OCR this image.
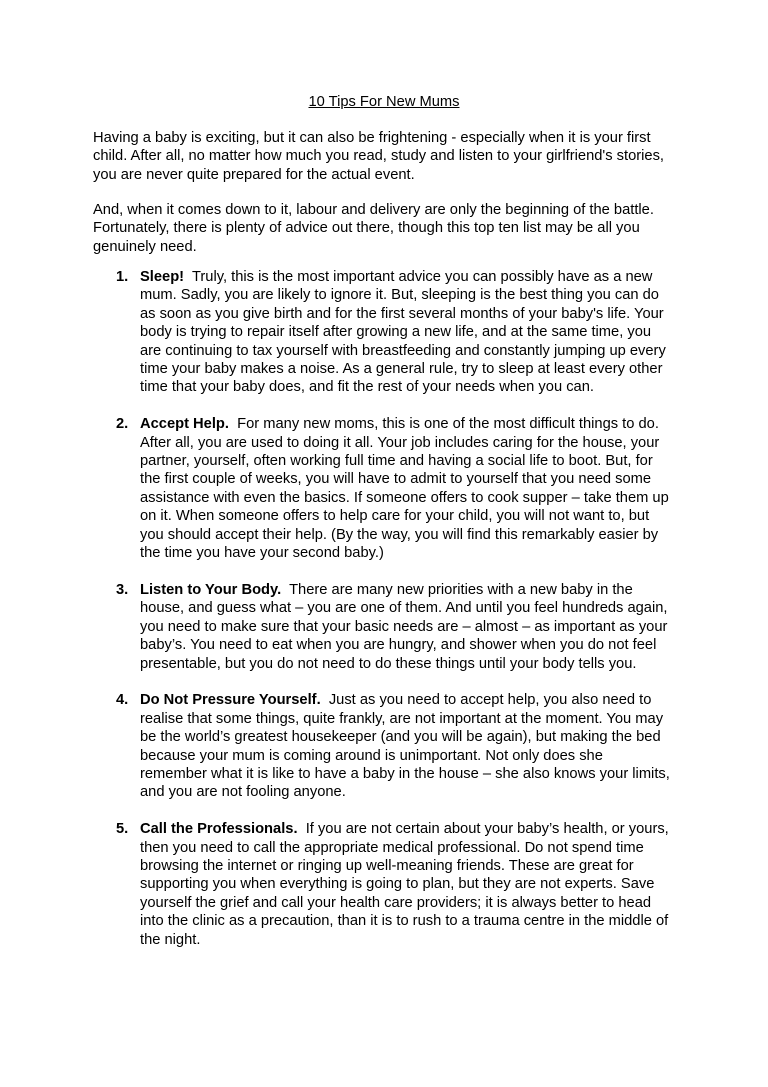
10 Tips For New Mums

Having a baby is exciting, but it can also be frightening - especially when it is your first child. After all, no matter how much you read, study and listen to your girlfriend's stories, you are never quite prepared for the actual event.

And, when it comes down to it, labour and delivery are only the beginning of the battle. Fortunately, there is plenty of advice out there, though this top ten list may be all you genuinely need.

1. Sleep! Truly, this is the most important advice you can possibly have as a new mum. Sadly, you are likely to ignore it. But, sleeping is the best thing you can do as soon as you give birth and for the first several months of your baby's life. Your body is trying to repair itself after growing a new life, and at the same time, you are continuing to tax yourself with breastfeeding and constantly jumping up every time your baby makes a noise. As a general rule, try to sleep at least every other time that your baby does, and fit the rest of your needs when you can.
2. Accept Help. For many new moms, this is one of the most difficult things to do. After all, you are used to doing it all. Your job includes caring for the house, your partner, yourself, often working full time and having a social life to boot. But, for the first couple of weeks, you will have to admit to yourself that you need some assistance with even the basics. If someone offers to cook supper – take them up on it. When someone offers to help care for your child, you will not want to, but you should accept their help. (By the way, you will find this remarkably easier by the time you have your second baby.)
3. Listen to Your Body. There are many new priorities with a new baby in the house, and guess what – you are one of them. And until you feel hundreds again, you need to make sure that your basic needs are – almost – as important as your baby’s. You need to eat when you are hungry, and shower when you do not feel presentable, but you do not need to do these things until your body tells you.
4. Do Not Pressure Yourself. Just as you need to accept help, you also need to realise that some things, quite frankly, are not important at the moment. You may be the world’s greatest housekeeper (and you will be again), but making the bed because your mum is coming around is unimportant. Not only does she remember what it is like to have a baby in the house – she also knows your limits, and you are not fooling anyone.
5. Call the Professionals. If you are not certain about your baby’s health, or yours, then you need to call the appropriate medical professional. Do not spend time browsing the internet or ringing up well-meaning friends. These are great for supporting you when everything is going to plan, but they are not experts. Save yourself the grief and call your health care providers; it is always better to head into the clinic as a precaution, than it is to rush to a trauma centre in the middle of the night.
